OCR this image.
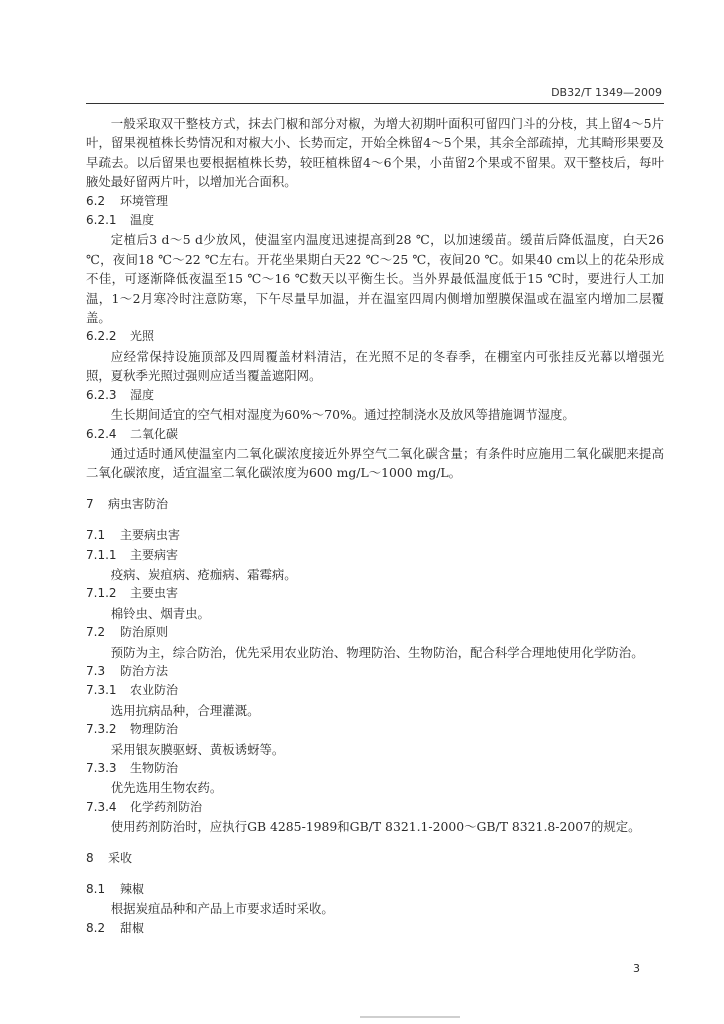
DB32/T 1349—2009

一般采取双干整枝方式，抹去门椒和部分对椒，为增大初期叶面积可留四门斗的分枝，其上留4～5片叶，留果视植株长势情况和对椒大小、长势而定，开始全株留4～5个果，其余全部疏掉，尤其畸形果要及早疏去。以后留果也要根据植株长势，较旺植株留4～6个果，小苗留2个果或不留果。双干整枝后，每叶腋处最好留两片叶，以增加光合面积。

6.2 环境管理
6.2.1 温度

定植后3 d～5 d少放风，使温室内温度迅速提高到28 ℃，以加速缓苗。缓苗后降低温度，白天26 ℃，夜间18 ℃～22 ℃左右。开花坐果期白天22 ℃～25 ℃，夜间20 ℃。如果40 cm以上的花朵形成不佳，可逐渐降低夜温至15 ℃～16 ℃数天以平衡生长。当外界最低温度低于15 ℃时，要进行人工加温，1～2月寒冷时注意防寒，下午尽量早加温，并在温室四周内侧增加塑膜保温或在温室内增加二层覆盖。

6.2.2 光照

应经常保持设施顶部及四周覆盖材料清洁，在光照不足的冬春季，在棚室内可张挂反光幕以增强光照，夏秋季光照过强则应适当覆盖遮阳网。

6.2.3 湿度

生长期间适宜的空气相对湿度为60%～70%。通过控制浇水及放风等措施调节湿度。

6.2.4 二氧化碳

通过适时通风使温室内二氧化碳浓度接近外界空气二氧化碳含量；有条件时应施用二氧化碳肥来提高二氧化碳浓度，适宜温室二氧化碳浓度为600 mg/L～1000 mg/L。

7 病虫害防治
7.1 主要病虫害
7.1.1 主要病害

疫病、炭疽病、疮痂病、霜霉病。

7.1.2 主要虫害

棉铃虫、烟青虫。

7.2 防治原则

预防为主，综合防治，优先采用农业防治、物理防治、生物防治，配合科学合理地使用化学防治。

7.3 防治方法
7.3.1 农业防治

选用抗病品种，合理灌溉。

7.3.2 物理防治

采用银灰膜驱蚜、黄板诱蚜等。

7.3.3 生物防治

优先选用生物农药。

7.3.4 化学药剂防治

使用药剂防治时，应执行GB 4285-1989和GB/T 8321.1-2000～GB/T 8321.8-2007的规定。

8 采收
8.1 辣椒

根据炭疽品种和产品上市要求适时采收。

8.2 甜椒
3
